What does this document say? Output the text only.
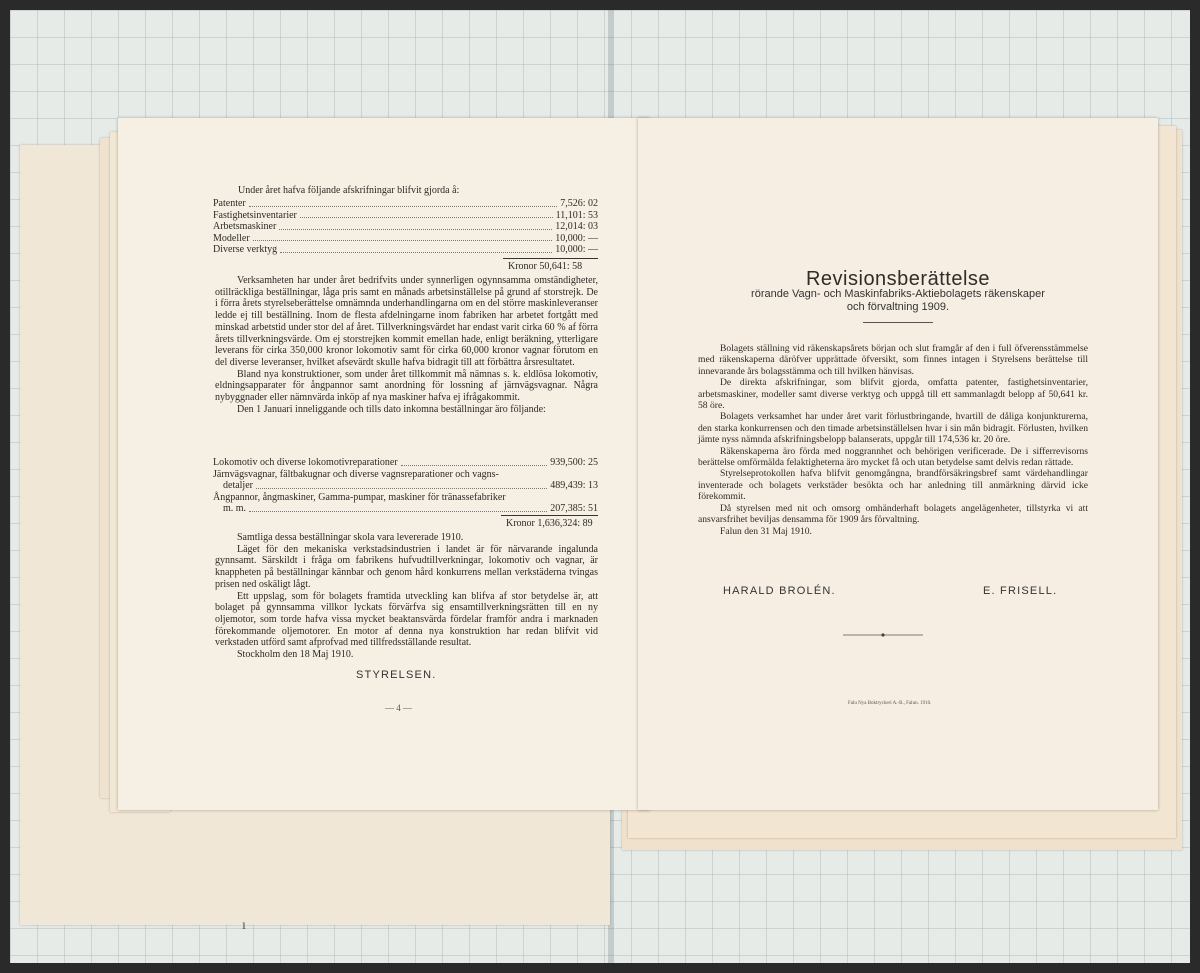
ı
Under året hafva följande afskrifningar blifvit gjorda å:
Patenter	7,526: 02
Fastighetsinventarier	11,101: 53
Arbetsmaskiner	12,014: 03
Modeller	10,000: —
Diverse verktyg	10,000: —
Kronor 50,641: 58

Verksamheten har under året bedrifvits under synnerligen ogynnsamma omständigheter, otillräckliga beställningar, låga pris samt en månads arbetsinställelse på grund af storstrejk. De i förra årets styrelseberättelse omnämnda underhandlingarna om en del större maskinleveranser ledde ej till beställning. Inom de flesta afdelningarne inom fabriken har arbetet fortgått med minskad arbetstid under stor del af året. Tillverkningsvärdet har endast varit cirka 60 % af förra årets tillverkningsvärde. Om ej storstrejken kommit emellan hade, enligt beräkning, ytterligare leverans för cirka 350,000 kronor lokomotiv samt för cirka 60,000 kronor vagnar förutom en del diverse leveranser, hvilket afsevärdt skulle hafva bidragit till att förbättra årsresultatet.

Bland nya konstruktioner, som under året tillkommit må nämnas s. k. eldlösa lokomotiv, eldningsapparater för ångpannor samt anordning för lossning af järnvägsvagnar. Några nybyggnader eller nämnvärda inköp af nya maskiner hafva ej ifrågakommit.

Den 1 Januari inneliggande och tills dato inkomna beställningar äro följande:

Lokomotiv och diverse lokomotivreparationer	939,500: 25
Järnvägsvagnar, fältbakugnar och diverse vagnsreparationer och vagns-
detaljer	489,439: 13
Ångpannor, ångmaskiner, Gamma-pumpar, maskiner för tränassefabriker
m. m.	207,385: 51
Kronor 1,636,324: 89

Samtliga dessa beställningar skola vara levererade 1910.

Läget för den mekaniska verkstadsindustrien i landet är för närvarande ingalunda gynnsamt. Särskildt i fråga om fabrikens hufvudtillverkningar, lokomotiv och vagnar, är knappheten på beställningar kännbar och genom hård konkurrens mellan verkstäderna tvingas prisen ned oskäligt lågt.

Ett uppslag, som för bolagets framtida utveckling kan blifva af stor betydelse är, att bolaget på gynnsamma villkor lyckats förvärfva sig ensamtillverkningsrätten till en ny oljemotor, som torde hafva vissa mycket beaktansvärda fördelar framför andra i marknaden förekommande oljemotorer. En motor af denna nya konstruktion har redan blifvit vid verkstaden utförd samt afprofvad med tillfredsställande resultat.

Stockholm den 18 Maj 1910.

STYRELSEN.
— 4 —
Revisionsberättelse
rörande Vagn- och Maskinfabriks-Aktiebolagets räkenskaper
och förvaltning 1909.

Bolagets ställning vid räkenskapsårets början och slut framgår af den i full öfverensstämmelse med räkenskaperna däröfver upprättade öfversikt, som finnes intagen i Styrelsens berättelse till innevarande års bolagsstämma och till hvilken hänvisas.

De direkta afskrifningar, som blifvit gjorda, omfatta patenter, fastighetsinventarier, arbetsmaskiner, modeller samt diverse verktyg och uppgå till ett sammanlagdt belopp af 50,641 kr. 58 öre.

Bolagets verksamhet har under året varit förlustbringande, hvartill de dåliga konjunkturerna, den starka konkurrensen och den timade arbetsinställelsen hvar i sin mån bidragit. Förlusten, hvilken jämte nyss nämnda afskrifningsbelopp balanserats, uppgår till 174,536 kr. 20 öre.

Räkenskaperna äro förda med noggrannhet och behörigen verificerade. De i sifferrevisorns berättelse omförmälda felaktigheterna äro mycket få och utan betydelse samt delvis redan rättade.

Styrelseprotokollen hafva blifvit genomgångna, brandförsäkringsbref samt värdehandlingar inventerade och bolagets verkstäder besökta och har anledning till anmärkning därvid icke förekommit.

Då styrelsen med nit och omsorg omhänderhaft bolagets angelägenheter, tillstyrka vi att ansvarsfrihet beviljas densamma för 1909 års förvaltning.

Falun den 31 Maj 1910.

HARALD BROLÉN.	E. FRISELL.
Falu Nya Boktryckeri A.-B., Falun. 1910.
